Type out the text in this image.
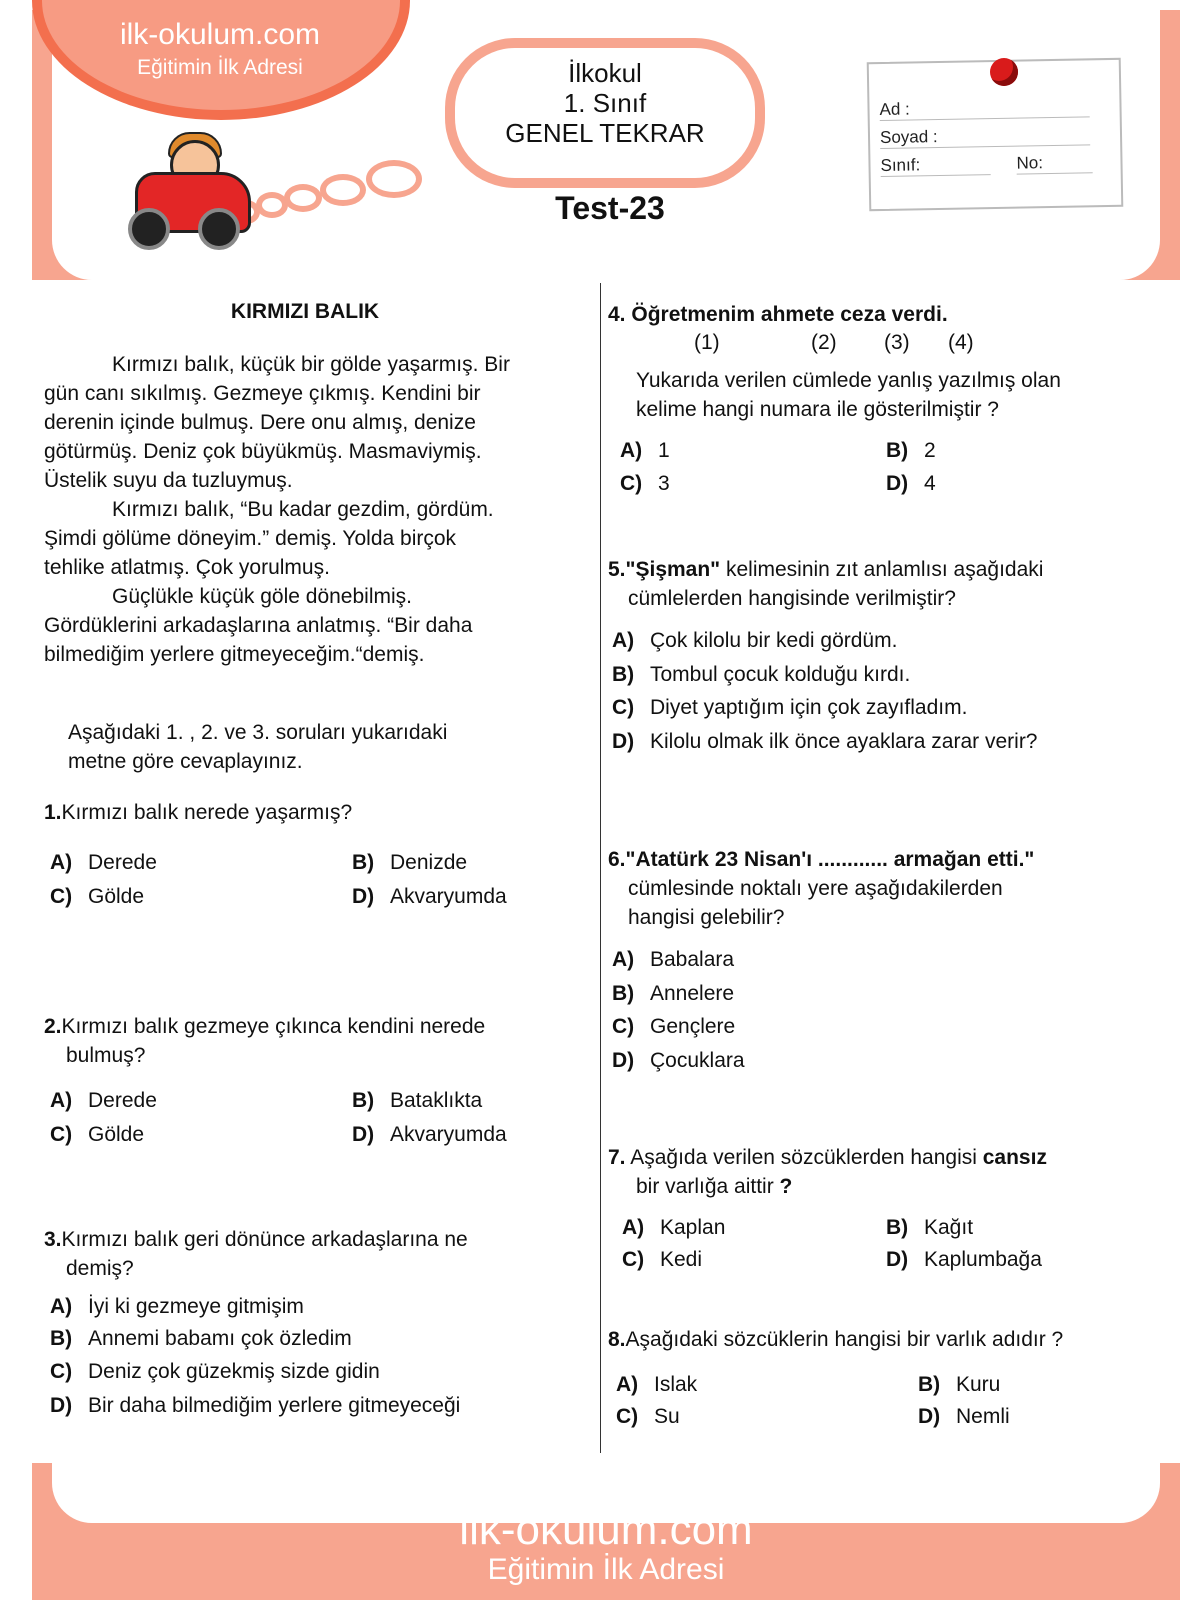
ilk-okulum.com
Eğitimin İlk Adresi	İlkokul
1. Sınıf
GENEL TEKRAR
Test-23
Ad :
Soyad :
Sınıf:	No:
KIRMIZI BALIK
Kırmızı balık, küçük bir gölde yaşarmış. Bir
gün canı sıkılmış. Gezmeye çıkmış. Kendini bir
derenin içinde bulmuş. Dere onu almış, denize
götürmüş. Deniz çok büyükmüş. Masmaviymiş.
Üstelik suyu da tuzluymuş.
Kırmızı balık, “Bu kadar gezdim, gördüm.
Şimdi gölüme döneyim.” demiş. Yolda birçok
tehlike atlatmış. Çok yorulmuş.
Güçlükle küçük göle dönebilmiş.
Gördüklerini arkadaşlarına anlatmış. “Bir daha
bilmediğim yerlere gitmeyeceğim.“demiş.
Aşağıdaki 1. , 2. ve 3. soruları yukarıdaki
metne göre cevaplayınız.
1.Kırmızı balık nerede yaşarmış?
A) Derede	B) Denizde
C) Gölde	D) Akvaryumda
2.Kırmızı balık gezmeye çıkınca kendini nerede
bulmuş?
A) Derede	B) Bataklıkta
C) Gölde	D) Akvaryumda
3.Kırmızı balık geri dönünce arkadaşlarına ne
demiş?
A) İyi ki gezmeye gitmişim
B) Annemi babamı çok özledim
C) Deniz çok güzekmiş sizde gidin
D) Bir daha bilmediğim yerlere gitmeyeceği
4. Öğretmenim ahmete ceza verdi.
(1)	(2) (3) (4)
Yukarıda verilen cümlede yanlış yazılmış olan
kelime hangi numara ile gösterilmiştir ?
A) 1	B) 2
C) 3	D) 4
5."Şişman" kelimesinin zıt anlamlısı aşağıdaki
cümlelerden hangisinde verilmiştir?
A) Çok kilolu bir kedi gördüm.
B) Tombul çocuk kolduğu kırdı.
C) Diyet yaptığım için çok zayıfladım.
D) Kilolu olmak ilk önce ayaklara zarar verir?
6."Atatürk 23 Nisan'ı ............ armağan etti."
cümlesinde noktalı yere aşağıdakilerden
hangisi gelebilir?
A) Babalara
B) Annelere
C) Gençlere
D) Çocuklara
7. Aşağıda verilen sözcüklerden hangisi cansız
bir varlığa aittir ?
A) Kaplan	B) Kağıt
C) Kedi	D) Kaplumbağa
8.Aşağıdaki sözcüklerin hangisi bir varlık adıdır ?
A) Islak	B) Kuru
C) Su	D) Nemli
ilk-okulum.com
Eğitimin İlk Adresi
